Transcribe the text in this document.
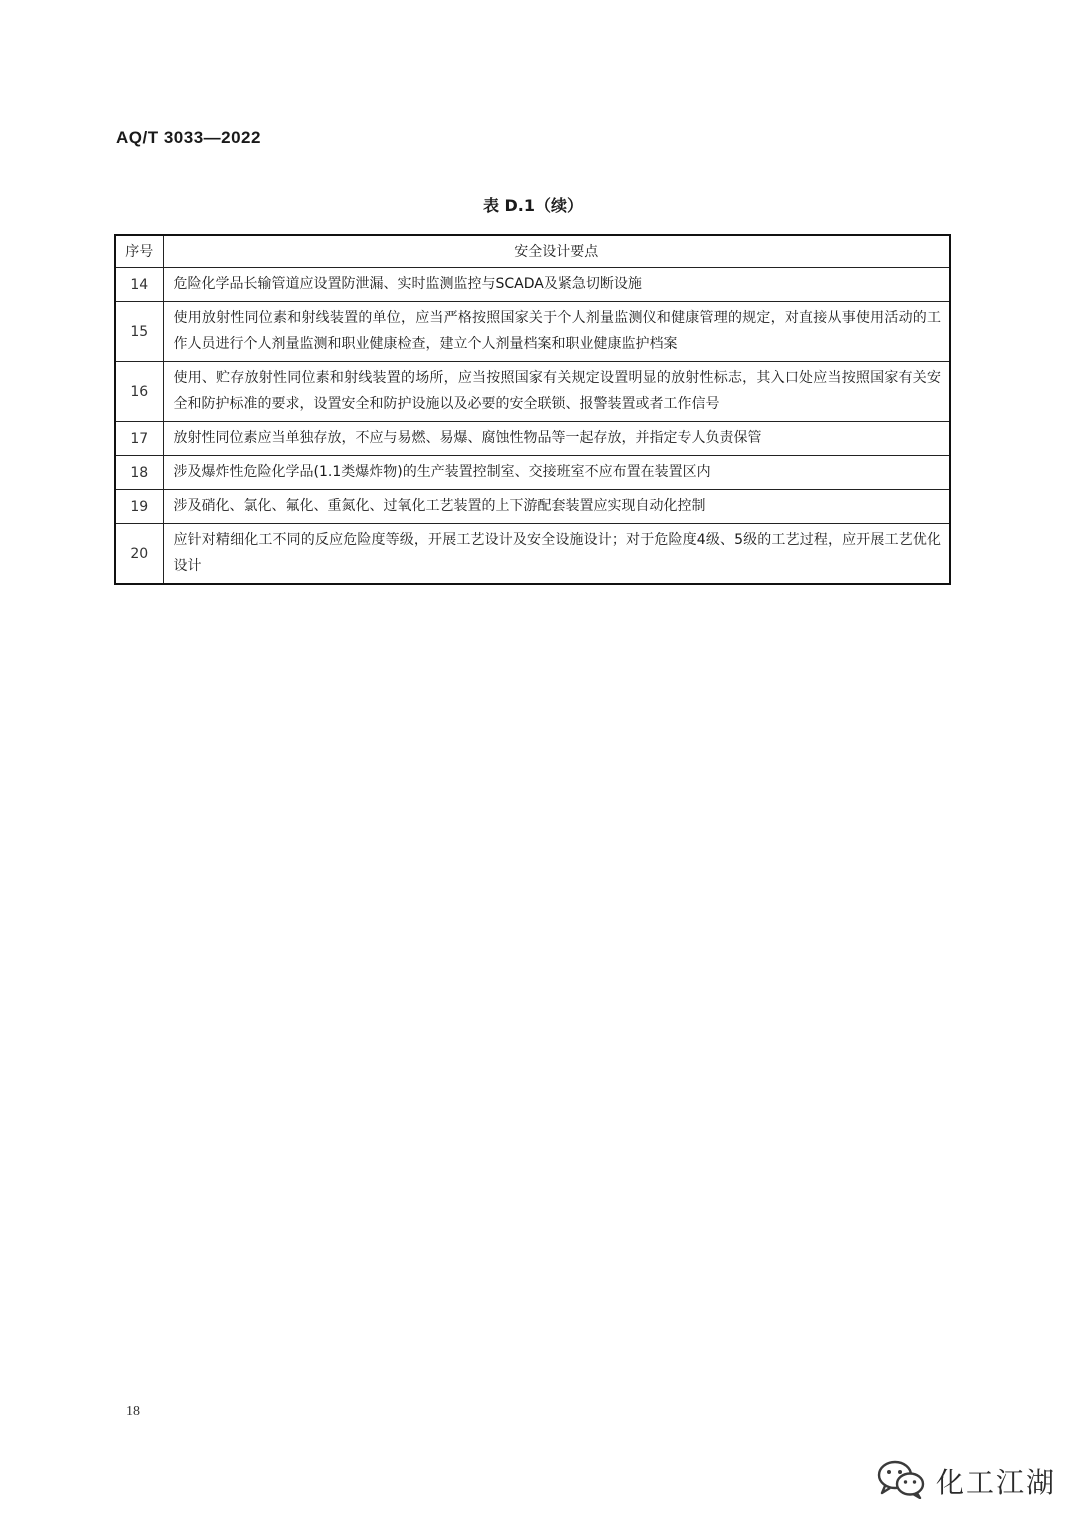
AQ/T 3033—2022
表 D.1（续）
序号	安全设计要点
14	危险化学品长输管道应设置防泄漏、实时监测监控与SCADA及紧急切断设施
15	使用放射性同位素和射线装置的单位，应当严格按照国家关于个人剂量监测仪和健康管理的规定，对直接从事使用活动的工作人员进行个人剂量监测和职业健康检查，建立个人剂量档案和职业健康监护档案
16	使用、贮存放射性同位素和射线装置的场所，应当按照国家有关规定设置明显的放射性标志，其入口处应当按照国家有关安全和防护标准的要求，设置安全和防护设施以及必要的安全联锁、报警装置或者工作信号
17	放射性同位素应当单独存放，不应与易燃、易爆、腐蚀性物品等一起存放，并指定专人负责保管
18	涉及爆炸性危险化学品(1.1类爆炸物)的生产装置控制室、交接班室不应布置在装置区内
19	涉及硝化、氯化、氟化、重氮化、过氧化工艺装置的上下游配套装置应实现自动化控制
20	应针对精细化工不同的反应危险度等级，开展工艺设计及安全设施设计；对于危险度4级、5级的工艺过程，应开展工艺优化设计
18
化工江湖
